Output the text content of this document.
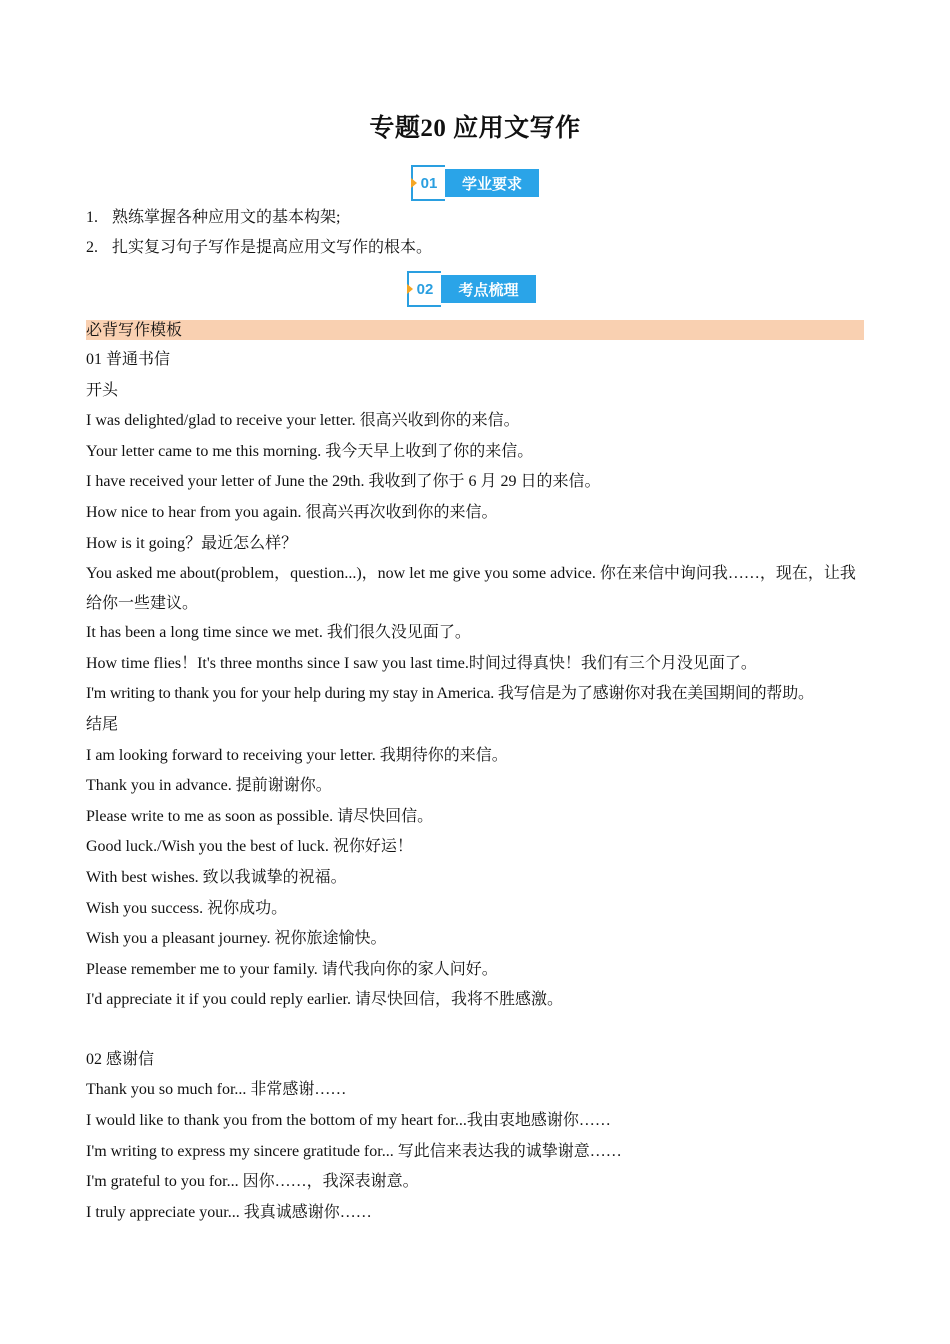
专题20 应用文写作
01	学业要求
1. 熟练掌握各种应用文的基本构架;
2. 扎实复习句子写作是提高应用文写作的根本。
02	考点梳理
必背写作模板
01 普通书信
开头
I was delighted/glad to receive your letter. 很高兴收到你的来信。
Your letter came to me this morning. 我今天早上收到了你的来信。
I have received your letter of June the 29th. 我收到了你于 6 月 29 日的来信。
How nice to hear from you again. 很高兴再次收到你的来信。
How is it going？最近怎么样？
You asked me about(problem，question...)，now let me give you some advice. 你在来信中询问我……，现在，让我给你一些建议。
It has been a long time since we met. 我们很久没见面了。
How time flies！It's three months since I saw you last time.时间过得真快！我们有三个月没见面了。
I'm writing to thank you for your help during my stay in America. 我写信是为了感谢你对我在美国期间的帮助。
结尾
I am looking forward to receiving your letter. 我期待你的来信。
Thank you in advance. 提前谢谢你。
Please write to me as soon as possible. 请尽快回信。
Good luck./Wish you the best of luck. 祝你好运！
With best wishes. 致以我诚挚的祝福。
Wish you success. 祝你成功。
Wish you a pleasant journey. 祝你旅途愉快。
Please remember me to your family. 请代我向你的家人问好。
I'd appreciate it if you could reply earlier. 请尽快回信，我将不胜感激。
02 感谢信
Thank you so much for... 非常感谢……
I would like to thank you from the bottom of my heart for...我由衷地感谢你……
I'm writing to express my sincere gratitude for... 写此信来表达我的诚挚谢意……
I'm grateful to you for... 因你……，我深表谢意。
I truly appreciate your... 我真诚感谢你……
